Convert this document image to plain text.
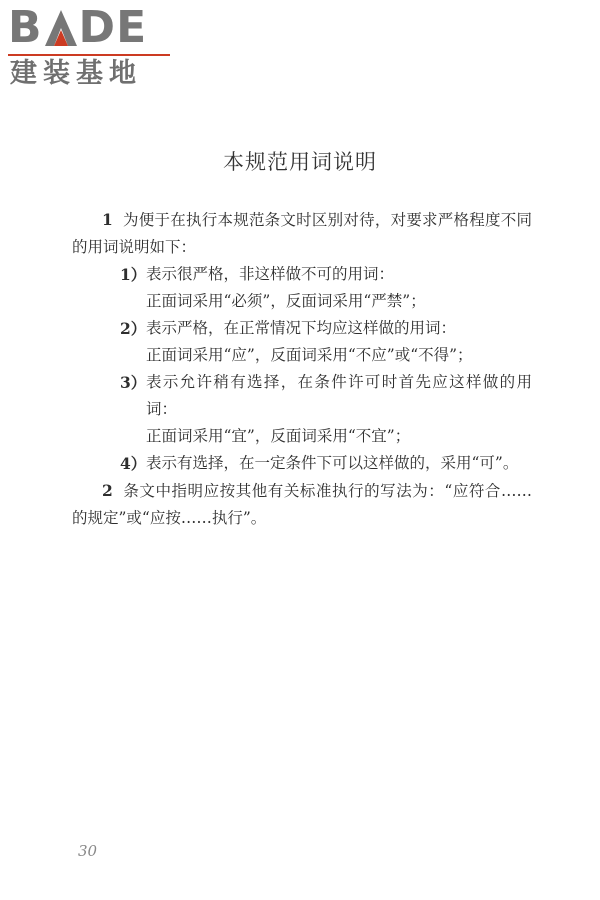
B DE
建装基地
本规范用词说明

1 为便于在执行本规范条文时区别对待，对要求严格程度不同的用词说明如下：

1） 表示很严格，非这样做不可的用词：
正面词采用“必须”，反面词采用“严禁”；
2） 表示严格，在正常情况下均应这样做的用词：
正面词采用“应”，反面词采用“不应”或“不得”；
3） 表示允许稍有选择，在条件许可时首先应这样做的用词：
正面词采用“宜”，反面词采用“不宜”；
4） 表示有选择，在一定条件下可以这样做的，采用“可”。

2 条文中指明应按其他有关标准执行的写法为：“应符合……的规定”或“应按……执行”。

30
